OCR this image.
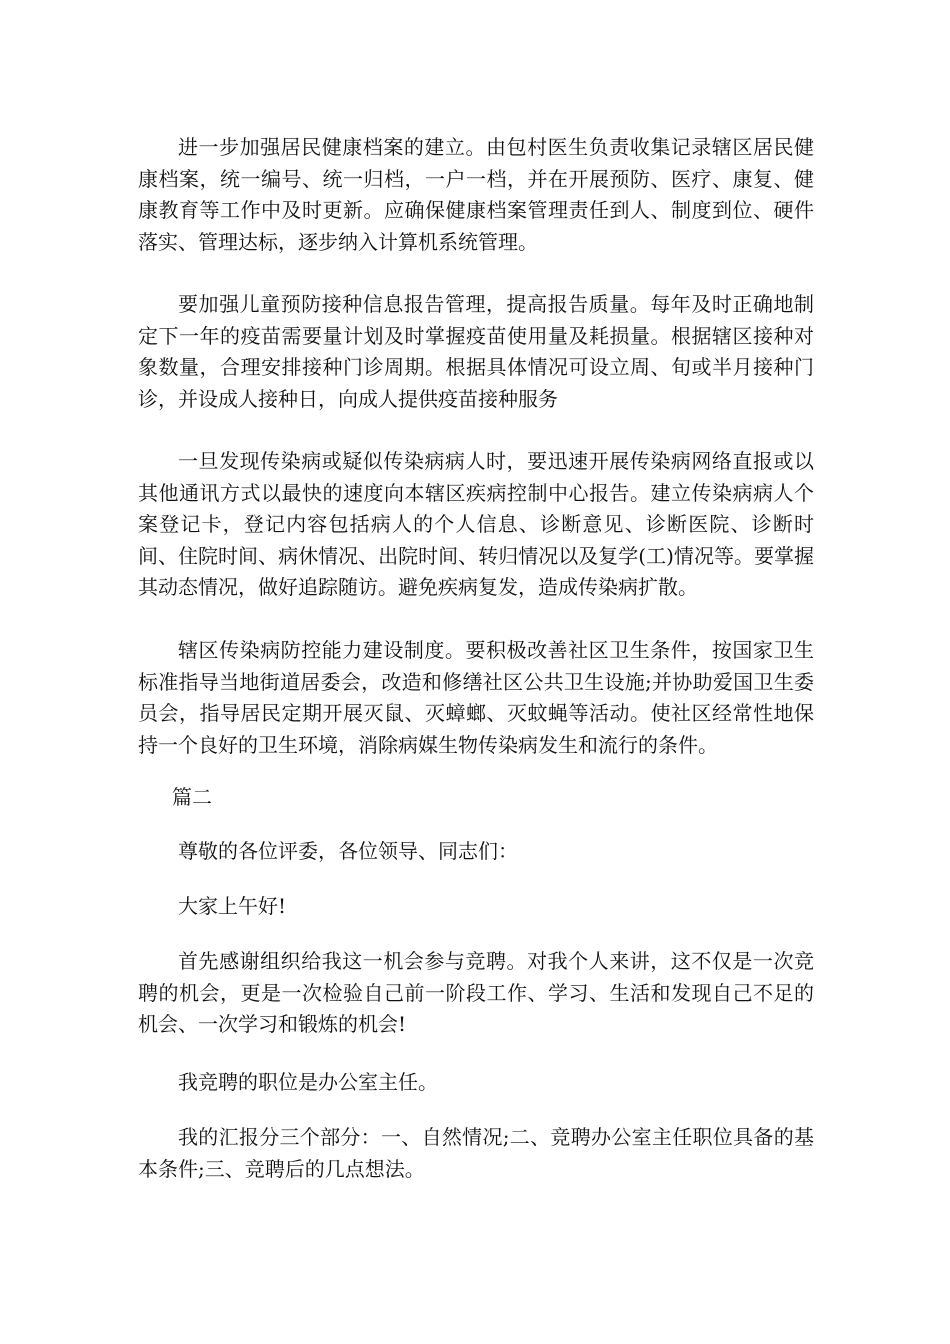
进一步加强居民健康档案的建立。由包村医生负责收集记录辖区居民健康档案，统一编号、统一归档，一户一档，并在开展预防、医疗、康复、健康教育等工作中及时更新。应确保健康档案管理责任到人、制度到位、硬件落实、管理达标，逐步纳入计算机系统管理。

要加强儿童预防接种信息报告管理，提高报告质量。每年及时正确地制定下一年的疫苗需要量计划及时掌握疫苗使用量及耗损量。根据辖区接种对象数量，合理安排接种门诊周期。根据具体情况可设立周、旬或半月接种门诊，并设成人接种日，向成人提供疫苗接种服务

一旦发现传染病或疑似传染病病人时，要迅速开展传染病网络直报或以其他通讯方式以最快的速度向本辖区疾病控制中心报告。建立传染病病人个案登记卡，登记内容包括病人的个人信息、诊断意见、诊断医院、诊断时间、住院时间、病休情况、出院时间、转归情况以及复学(工)情况等。要掌握其动态情况，做好追踪随访。避免疾病复发，造成传染病扩散。

辖区传染病防控能力建设制度。要积极改善社区卫生条件，按国家卫生标准指导当地街道居委会，改造和修缮社区公共卫生设施;并协助爱国卫生委员会，指导居民定期开展灭鼠、灭蟑螂、灭蚊蝇等活动。使社区经常性地保持一个良好的卫生环境，消除病媒生物传染病发生和流行的条件。

篇二

尊敬的各位评委，各位领导、同志们：

大家上午好!

首先感谢组织给我这一机会参与竞聘。对我个人来讲，这不仅是一次竞聘的机会，更是一次检验自己前一阶段工作、学习、生活和发现自己不足的机会、一次学习和锻炼的机会!

我竞聘的职位是办公室主任。

我的汇报分三个部分：一、自然情况;二、竞聘办公室主任职位具备的基本条件;三、竞聘后的几点想法。
